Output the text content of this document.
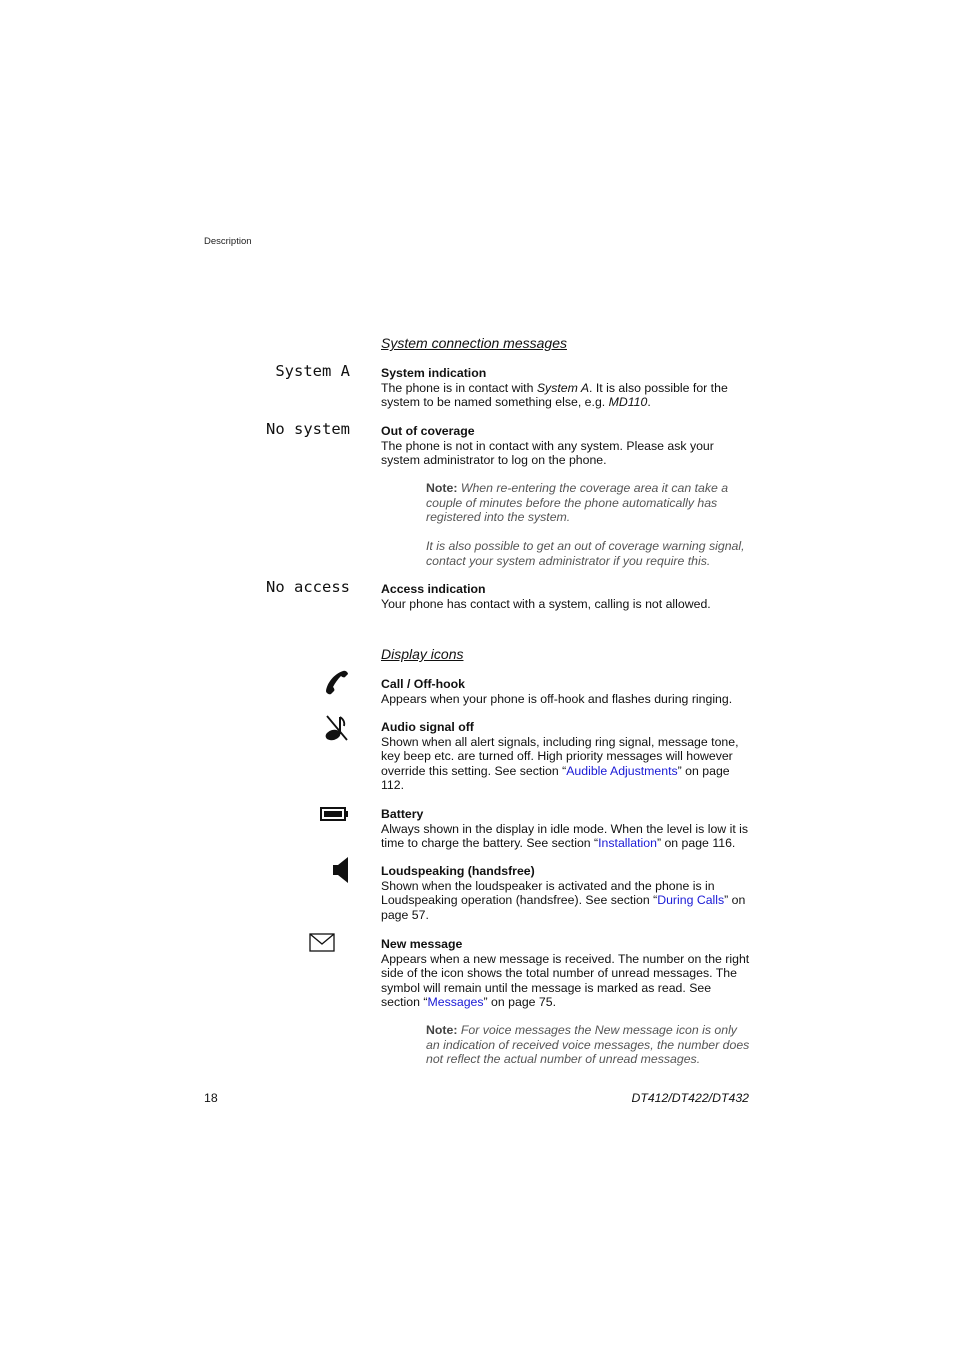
Description
System connection messages
System A	System indication
The phone is in contact with System A. It is also possible for the system to be named something else, e.g. MD110.
No system	Out of coverage
The phone is not in contact with any system. Please ask your system administrator to log on the phone.
Note: When re-entering the coverage area it can take a couple of minutes before the phone automatically has registered into the system.
It is also possible to get an out of coverage warning signal, contact your system administrator if you require this.
No access	Access indication
Your phone has contact with a system, calling is not allowed.
Display icons
Call / Off-hook
Appears when your phone is off-hook and flashes during ringing.
Audio signal off
Shown when all alert signals, including ring signal, message tone, key beep etc. are turned off. High priority messages will however override this setting. See section “Audible Adjustments” on page 112.
Battery
Always shown in the display in idle mode. When the level is low it is time to charge the battery. See section “Installation” on page 116.
Loudspeaking (handsfree)
Shown when the loudspeaker is activated and the phone is in Loudspeaking operation (handsfree). See section “During Calls” on page 57.
New message
Appears when a new message is received. The number on the right side of the icon shows the total number of unread messages. The symbol will remain until the message is marked as read. See section “Messages” on page 75.
Note: For voice messages the New message icon is only an indication of received voice messages, the number does not reflect the actual number of unread messages.
18	DT412/DT422/DT432
